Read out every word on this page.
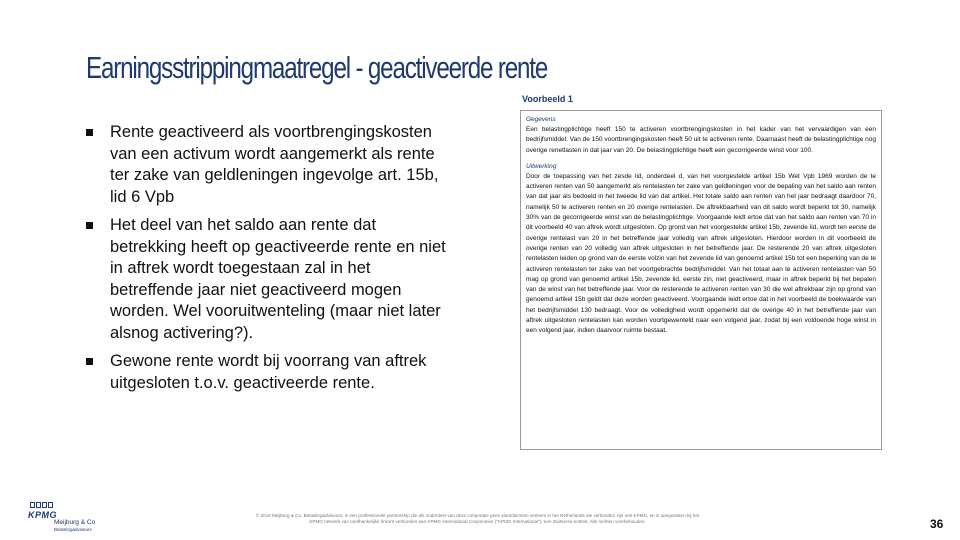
Earningsstrippingmaatregel - geactiveerde rente
Rente geactiveerd als voortbrengingskosten van een activum wordt aangemerkt als rente ter zake van geldleningen ingevolge art. 15b, lid 6 Vpb
Het deel van het saldo aan rente dat betrekking heeft op geactiveerde rente en niet in aftrek wordt toegestaan zal in het betreffende jaar niet geactiveerd mogen worden. Wel vooruitwenteling (maar niet later alsnog activering?).
Gewone rente wordt bij voorrang van aftrek uitgesloten t.o.v. geactiveerde rente.
Voorbeeld 1
Gegevens

Een belastingplichtige heeft 150 te activeren voortbrengingskosten in het kader van het vervaardigen van een bedrijfsmiddel. Van de 150 voortbrengingskosten heeft 50 uit te activeren rente. Daarnaast heeft de belastingplichtige nog overige renetlasten in dat jaar van 20. De belastingplichtige heeft een gecorrigeerde winst voor 100.

Uitwerking

Door de toepassing van het zesde lid, onderdeel d, van het voorgestelde artikel 15b Wet Vpb 1969 worden de te activeren renten van 50 aangemerkt als rentelasten ter zake van geldleningen voor de bepaling van het saldo aan renten van dat jaar als bedoeld in het tweede lid van dat artikel. Het totale saldo aan renten van het jaar bedraagt daardoor 70, namelijk 50 te activeren renten en 20 overige rentelasten. De aftrekbaarheid van dit saldo wordt beperkt tot 30, namelijk 30% van de gecorrigeerde winst van de belastingplichtige. Voorgaande leidt ertoe dat van het saldo aan renten van 70 in dit voorbeeld 40 van aftrek wordt uitgesloten. Op grond van het voorgestelde artikel 15b, zevende lid, wordt ten eerste de overige rentelast van 20 in het betreffende jaar volledig van aftrek uitgesloten. Hierdoor worden in dit voorbeeld de overige renten van 20 volledig van aftrek uitgesloten in het betreffende jaar. De resterende 20 van aftrek uitgesloten rentelasten leiden op grond van de eerste volzin van het zevende lid van genoemd artikel 15b tot een beperking van de te activeren rentelasten ter zake van het voortgebrachte bedrijfsmiddel. Van het totaal aan te activeren rentelasten van 50 mag op grond van genoemd artikel 15b, zevende lid, eerste zin, niet geactiveerd, maar in aftrek beperkt bij het bepalen van de winst van het betreffende jaar. Voor de resterende te activeren renten van 30 die wel aftrekbaar zijn op grond van genoemd artikel 15b geldt dat deze worden geactiveerd. Voorgaande leidt ertoe dat in het voorbeeld de boekwaarde van het bedrijfsmiddel 130 bedraagt. Voor de volledigheid wordt opgemerkt dat de overige 40 in het betreffende jaar van aftrek uitgesloten rentelasten kan worden voortgewenteld naar een volgend jaar, zodat bij een voldoende hoge winst in een volgend jaar, indien daarvoor ruimte bestaat.

KPMG
Meijburg & Co
Belastingadviseurs
© 2018 Meijburg & Co, Belastingadviseurs, is een professionele partnership die als onderdeel van deze coöperatie geen klantdiensten verleent in het Netherlands die verbonden zijn met KPMG, en is aangesloten bij het KPMG netwerk van onafhankelijke firma's verbonden aan KPMG International Cooperative ("KPMG International"), een Zwitserse entiteit. Alle rechten voorbehouden.	36
